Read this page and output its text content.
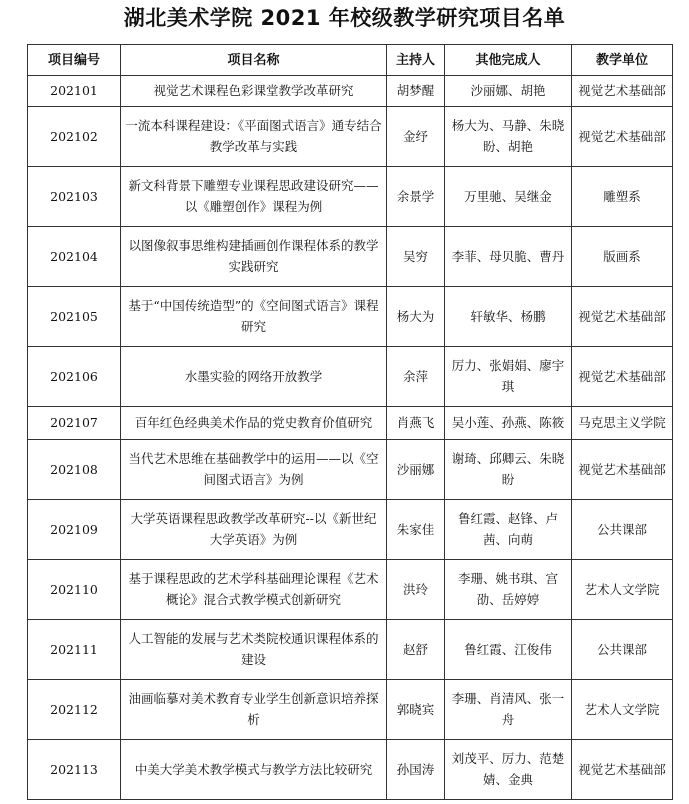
湖北美术学院 2021 年校级教学研究项目名单
项目编号	项目名称	主持人	其他完成人	教学单位
202101	视觉艺术课程色彩课堂教学改革研究	胡梦醒	沙丽娜、胡艳	视觉艺术基础部
202102	一流本科课程建设：《平面图式语言》通专结合教学改革与实践	金纾	杨大为、马静、朱晓盼、胡艳	视觉艺术基础部
202103	新文科背景下雕塑专业课程思政建设研究——以《雕塑创作》课程为例	余景学	万里驰、吴继金	雕塑系
202104	以图像叙事思维构建插画创作课程体系的教学实践研究	吴穷	李菲、母贝脆、曹丹	版画系
202105	基于“中国传统造型”的《空间图式语言》课程研究	杨大为	轩敏华、杨鹏	视觉艺术基础部
202106	水墨实验的网络开放教学	余萍	厉力、张娟娟、廖宇琪	视觉艺术基础部
202107	百年红色经典美术作品的党史教育价值研究	肖燕飞	吴小莲、孙燕、陈筱	马克思主义学院
202108	当代艺术思维在基础教学中的运用——以《空间图式语言》为例	沙丽娜	谢琦、邱卿云、朱晓盼	视觉艺术基础部
202109	大学英语课程思政教学改革研究--以《新世纪大学英语》为例	朱家佳	鲁红霞、赵锋、卢茜、向萌	公共课部
202110	基于课程思政的艺术学科基础理论课程《艺术概论》混合式教学模式创新研究	洪玲	李珊、姚书琪、宫劭、岳婷婷	艺术人文学院
202111	人工智能的发展与艺术类院校通识课程体系的建设	赵舒	鲁红霞、江俊伟	公共课部
202112	油画临摹对美术教育专业学生创新意识培养探析	郭晓宾	李珊、肖清风、张一舟	艺术人文学院
202113	中美大学美术教学模式与教学方法比较研究	孙国涛	刘茂平、厉力、范楚婧、金典	视觉艺术基础部
